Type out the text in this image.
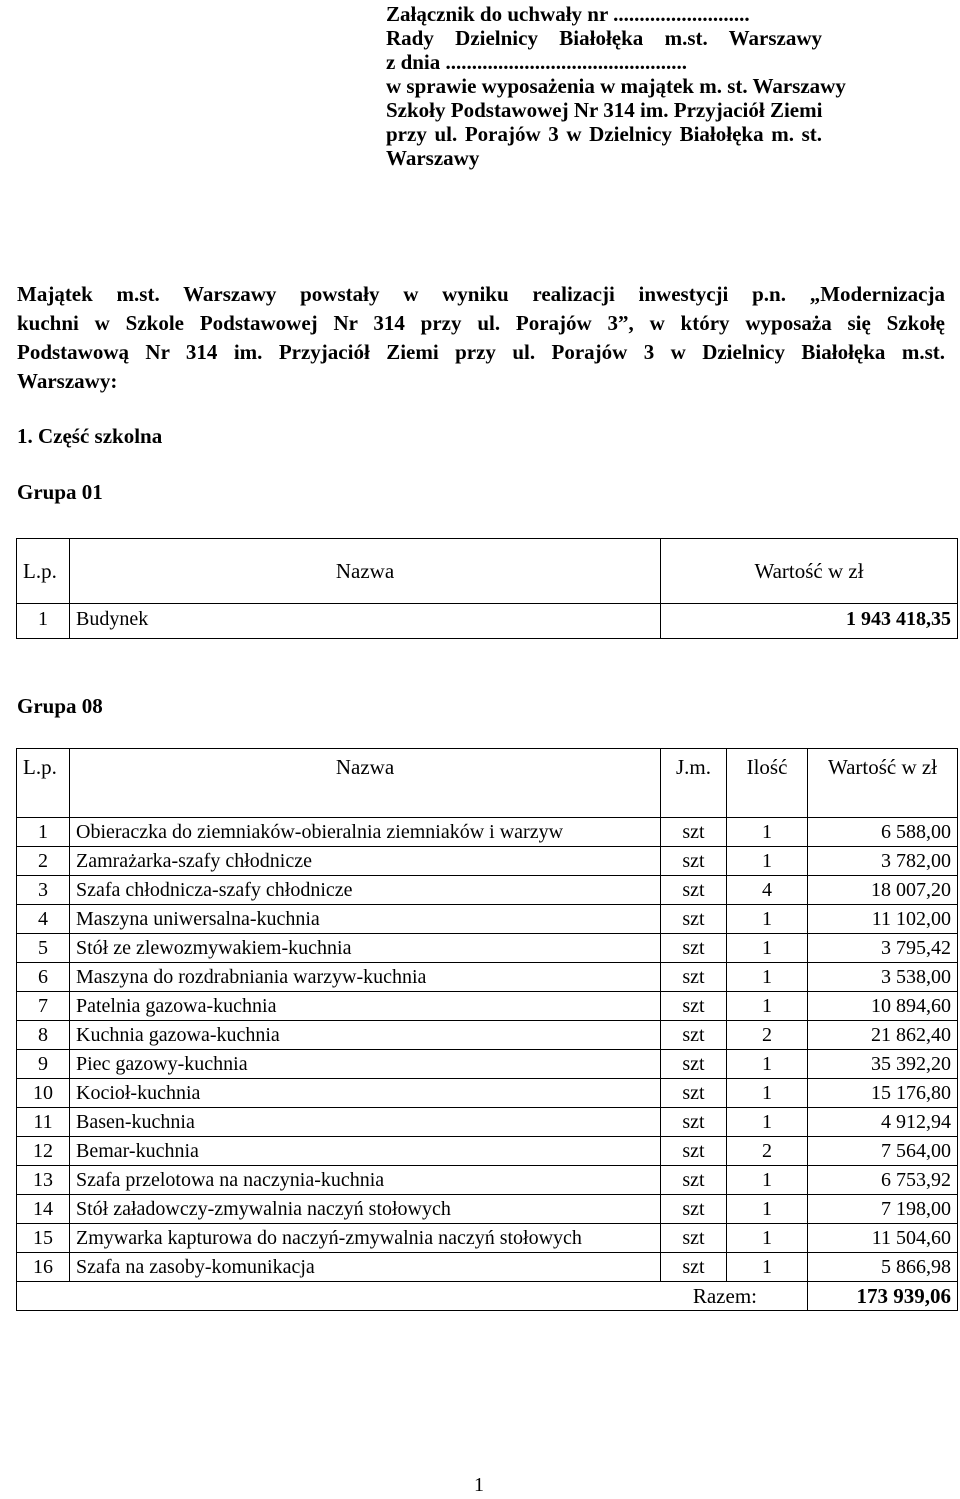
Załącznik do uchwały nr ..........................
Rady Dzielnicy Białołęka m.st. Warszawy
z dnia ..............................................
w sprawie wyposażenia w majątek m. st. Warszawy
Szkoły Podstawowej Nr 314 im. Przyjaciół Ziemi
przy ul. Porajów 3 w Dzielnicy Białołęka m. st.
Warszawy
Majątek m.st. Warszawy powstały w wyniku realizacji inwestycji p.n. „Modernizacja
kuchni w Szkole Podstawowej Nr 314 przy ul. Porajów 3”, w który wyposaża się Szkołę
Podstawową Nr 314 im. Przyjaciół Ziemi przy ul. Porajów 3 w Dzielnicy Białołęka m.st.
Warszawy:
1. Część szkolna
Grupa 01
L.p.	Nazwa	Wartość w zł
1	Budynek	1 943 418,35
Grupa 08
L.p.	Nazwa	J.m.	Ilość	Wartość w zł
1	Obieraczka do ziemniaków-obieralnia ziemniaków i warzyw	szt	1	6 588,00
2	Zamrażarka-szafy chłodnicze	szt	1	3 782,00
3	Szafa chłodnicza-szafy chłodnicze	szt	4	18 007,20
4	Maszyna uniwersalna-kuchnia	szt	1	11 102,00
5	Stół ze zlewozmywakiem-kuchnia	szt	1	3 795,42
6	Maszyna do rozdrabniania warzyw-kuchnia	szt	1	3 538,00
7	Patelnia gazowa-kuchnia	szt	1	10 894,60
8	Kuchnia gazowa-kuchnia	szt	2	21 862,40
9	Piec gazowy-kuchnia	szt	1	35 392,20
10	Kocioł-kuchnia	szt	1	15 176,80
11	Basen-kuchnia	szt	1	4 912,94
12	Bemar-kuchnia	szt	2	7 564,00
13	Szafa przelotowa na naczynia-kuchnia	szt	1	6 753,92
14	Stół załadowczy-zmywalnia naczyń stołowych	szt	1	7 198,00
15	Zmywarka kapturowa do naczyń-zmywalnia naczyń stołowych	szt	1	11 504,60
16	Szafa na zasoby-komunikacja	szt	1	5 866,98
Razem:				173 939,06
1
